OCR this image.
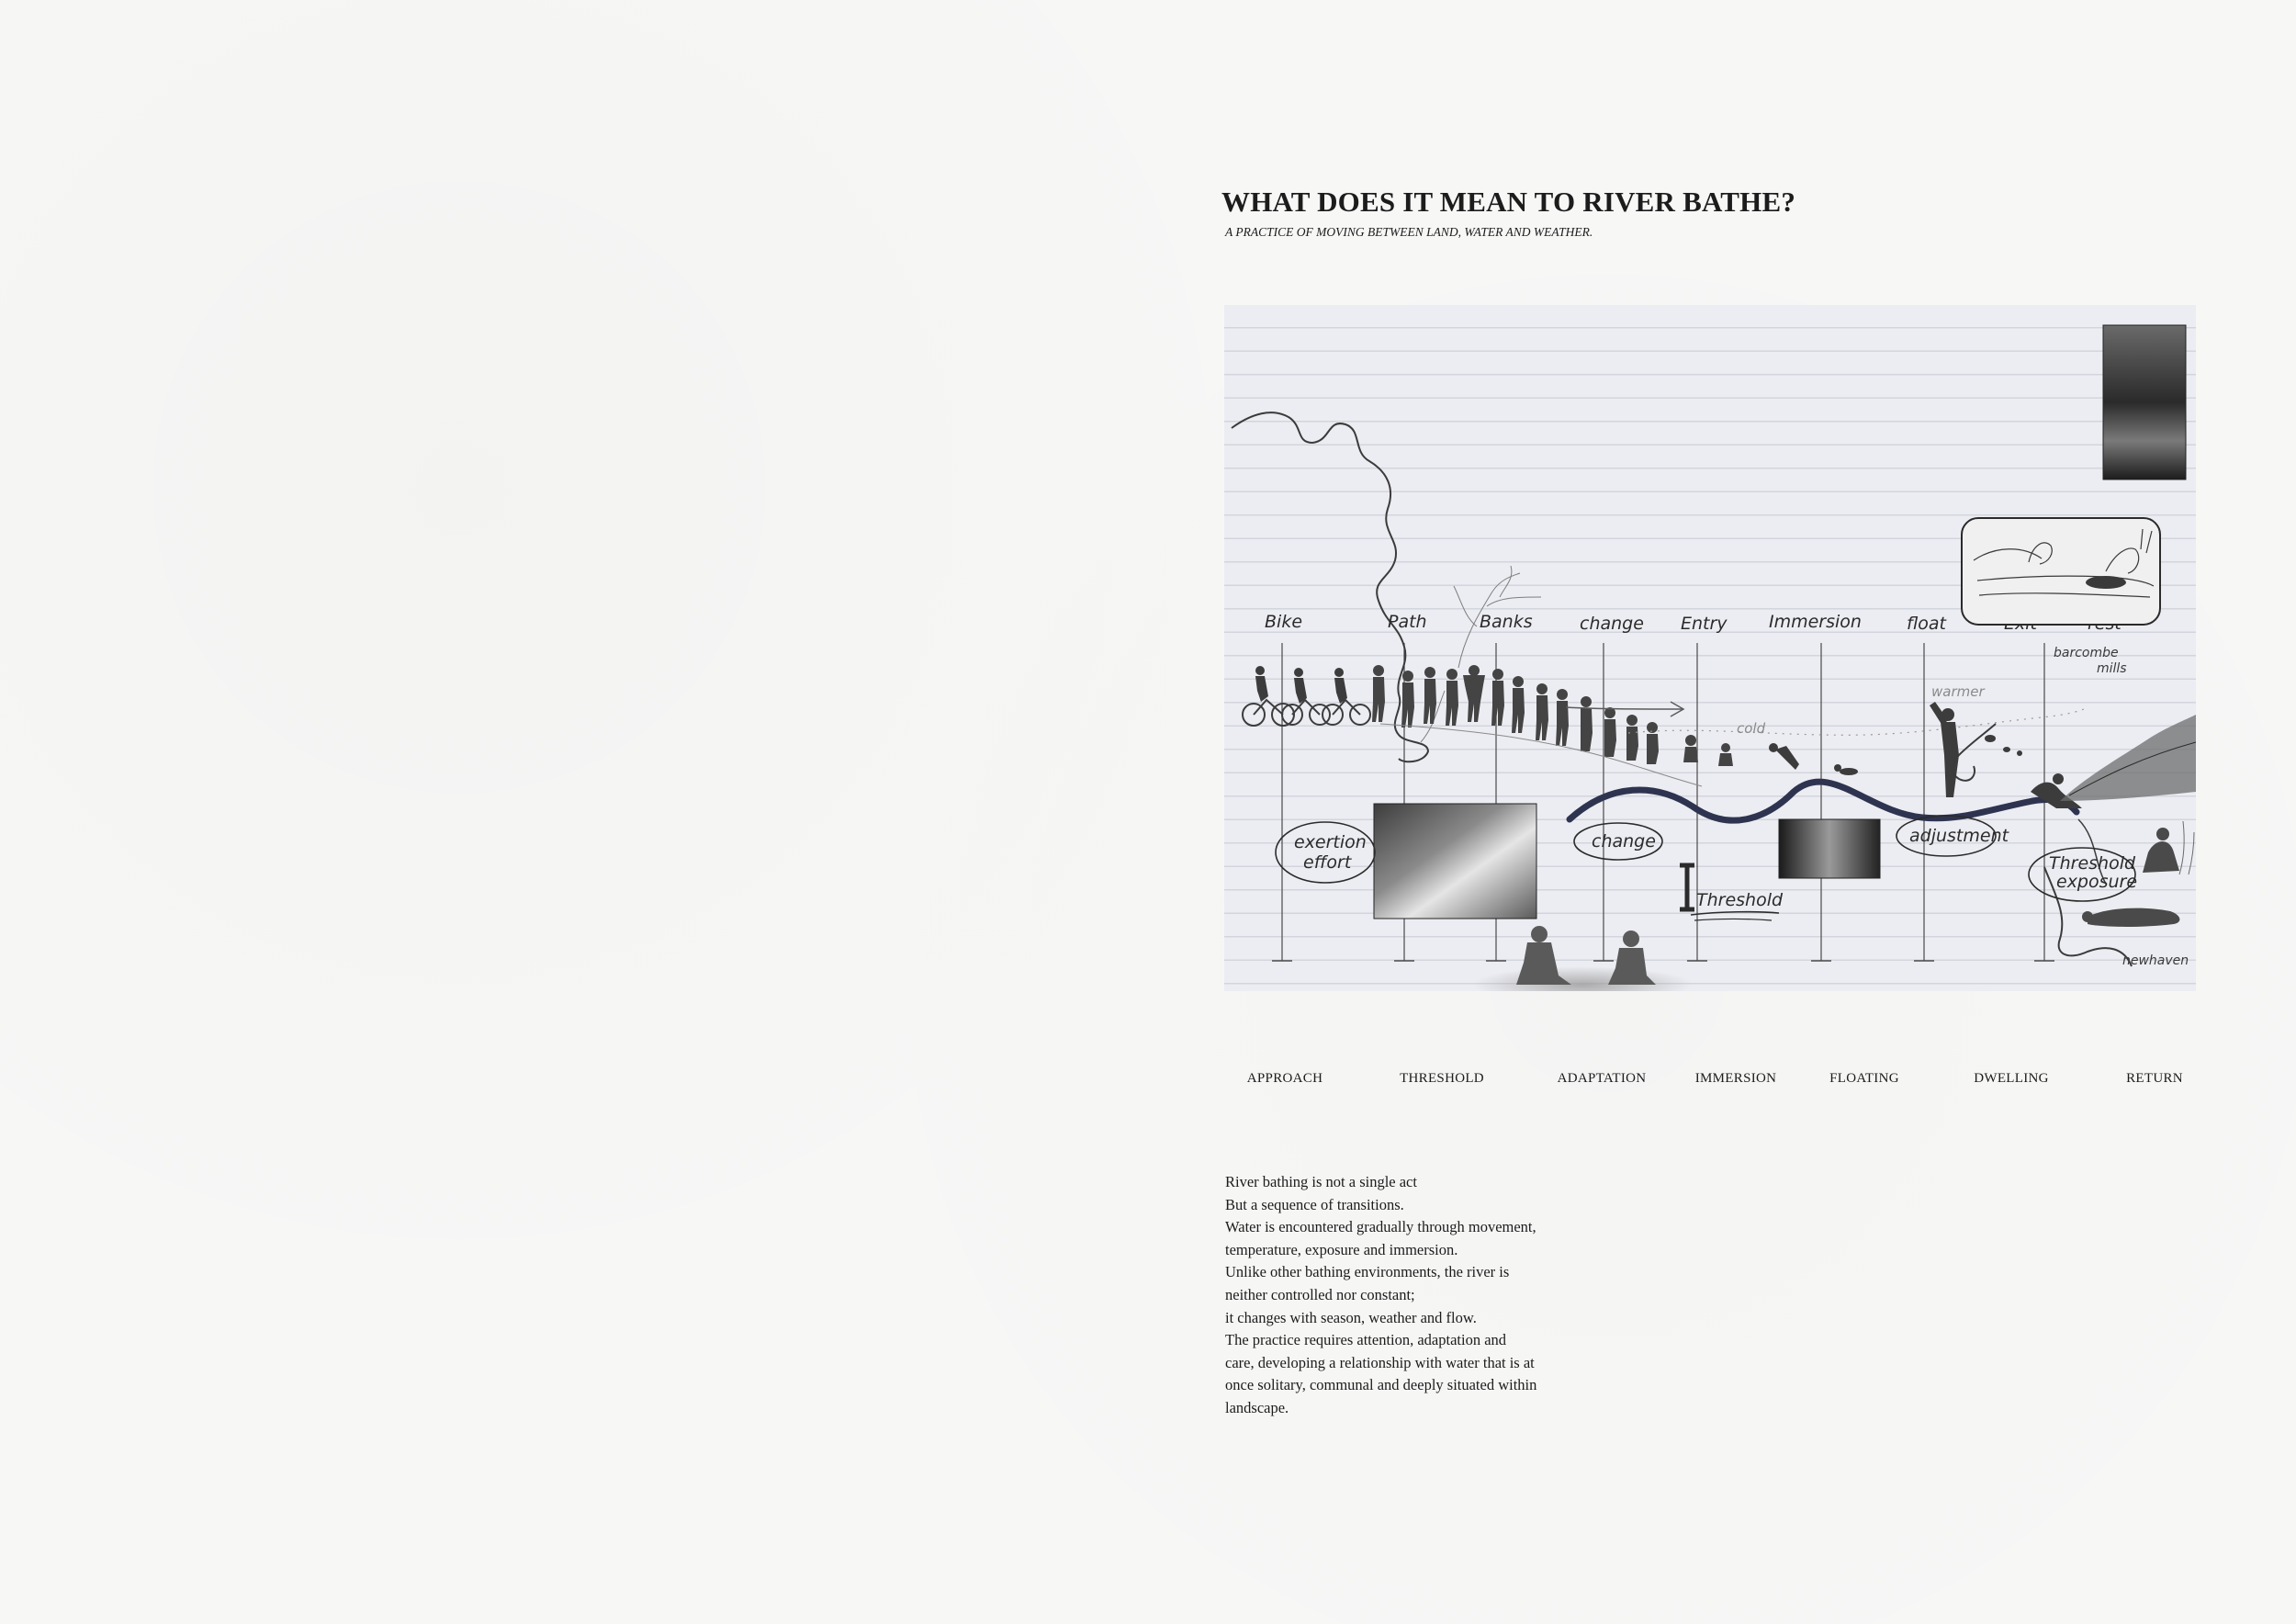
WHAT DOES IT MEAN TO RIVER BATHE?
A PRACTICE OF MOVING BETWEEN LAND, WATER AND WEATHER.
Bike	Path	Banks	change Entry Immersion	float
barcombe
mills
newhaven
cold
warmer
exertion
effort
change	adjustment
Threshold
exposure
Threshold
APPROACH	THRESHOLD	ADAPTATION	IMMERSION	FLOATING	DWELLING	RETURN
River bathing is not a single act
But a sequence of transitions.
Water is encountered gradually through movement,
temperature, exposure and immersion.
Unlike other bathing environments, the river is
neither controlled nor constant;
it changes with season, weather and flow.
The practice requires attention, adaptation and
care, developing a relationship with water that is at
once solitary, communal and deeply situated within
landscape.
